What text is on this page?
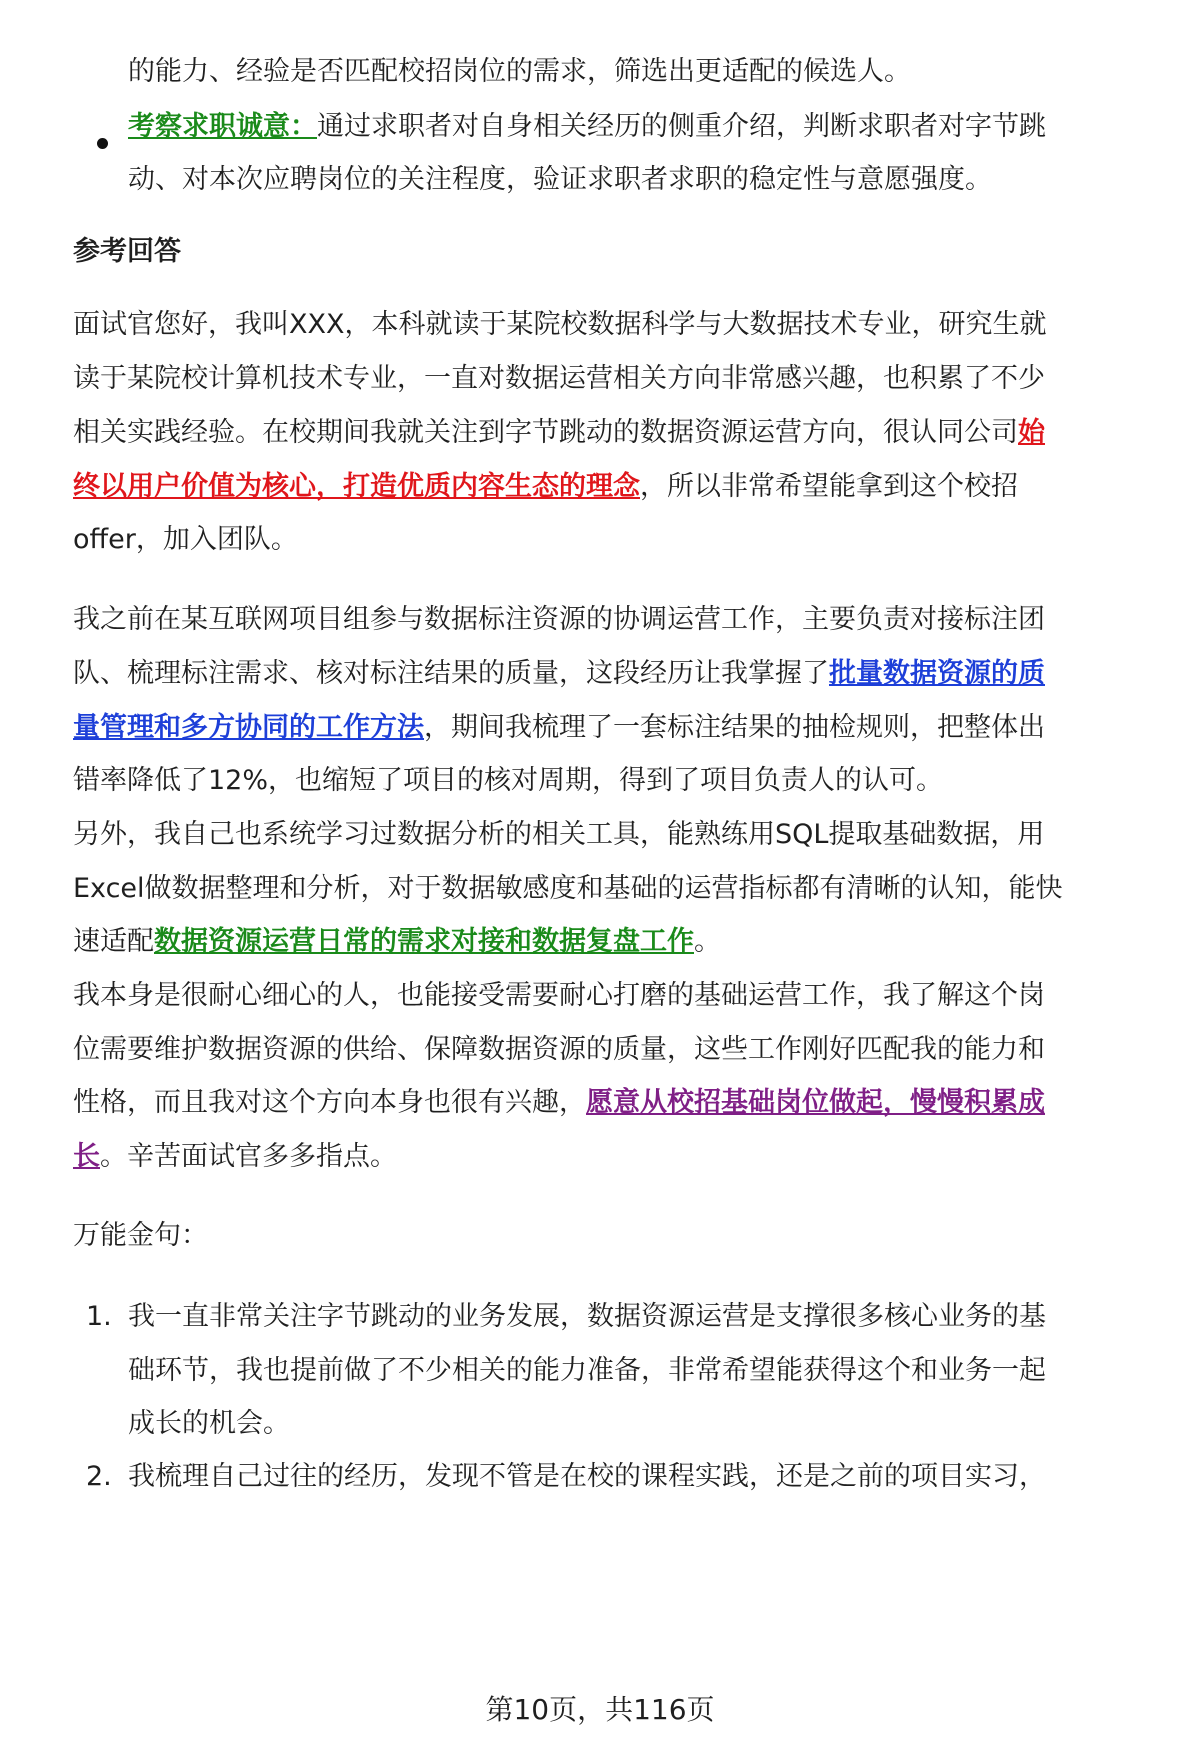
的能力、经验是否匹配校招岗位的需求，筛选出更适配的候选人。
考察求职诚意：通过求职者对自身相关经历的侧重介绍，判断求职者对字节跳
动、对本次应聘岗位的关注程度，验证求职者求职的稳定性与意愿强度。
参考回答
面试官您好，我叫XXX，本科就读于某院校数据科学与大数据技术专业，研究生就
读于某院校计算机技术专业，一直对数据运营相关方向非常感兴趣，也积累了不少
相关实践经验。在校期间我就关注到字节跳动的数据资源运营方向，很认同公司始
终以用户价值为核心，打造优质内容生态的理念，所以非常希望能拿到这个校招
offer，加入团队。
我之前在某互联网项目组参与数据标注资源的协调运营工作，主要负责对接标注团
队、梳理标注需求、核对标注结果的质量，这段经历让我掌握了批量数据资源的质
量管理和多方协同的工作方法，期间我梳理了一套标注结果的抽检规则，把整体出
错率降低了12%，也缩短了项目的核对周期，得到了项目负责人的认可。
另外，我自己也系统学习过数据分析的相关工具，能熟练用SQL提取基础数据，用
Excel做数据整理和分析，对于数据敏感度和基础的运营指标都有清晰的认知，能快
速适配数据资源运营日常的需求对接和数据复盘工作。
我本身是很耐心细心的人，也能接受需要耐心打磨的基础运营工作，我了解这个岗
位需要维护数据资源的供给、保障数据资源的质量，这些工作刚好匹配我的能力和
性格，而且我对这个方向本身也很有兴趣，愿意从校招基础岗位做起，慢慢积累成
长。辛苦面试官多多指点。
万能金句：
1. 我一直非常关注字节跳动的业务发展，数据资源运营是支撑很多核心业务的基
础环节，我也提前做了不少相关的能力准备，非常希望能获得这个和业务一起
成长的机会。
2. 我梳理自己过往的经历，发现不管是在校的课程实践，还是之前的项目实习，
第10页，共116页
